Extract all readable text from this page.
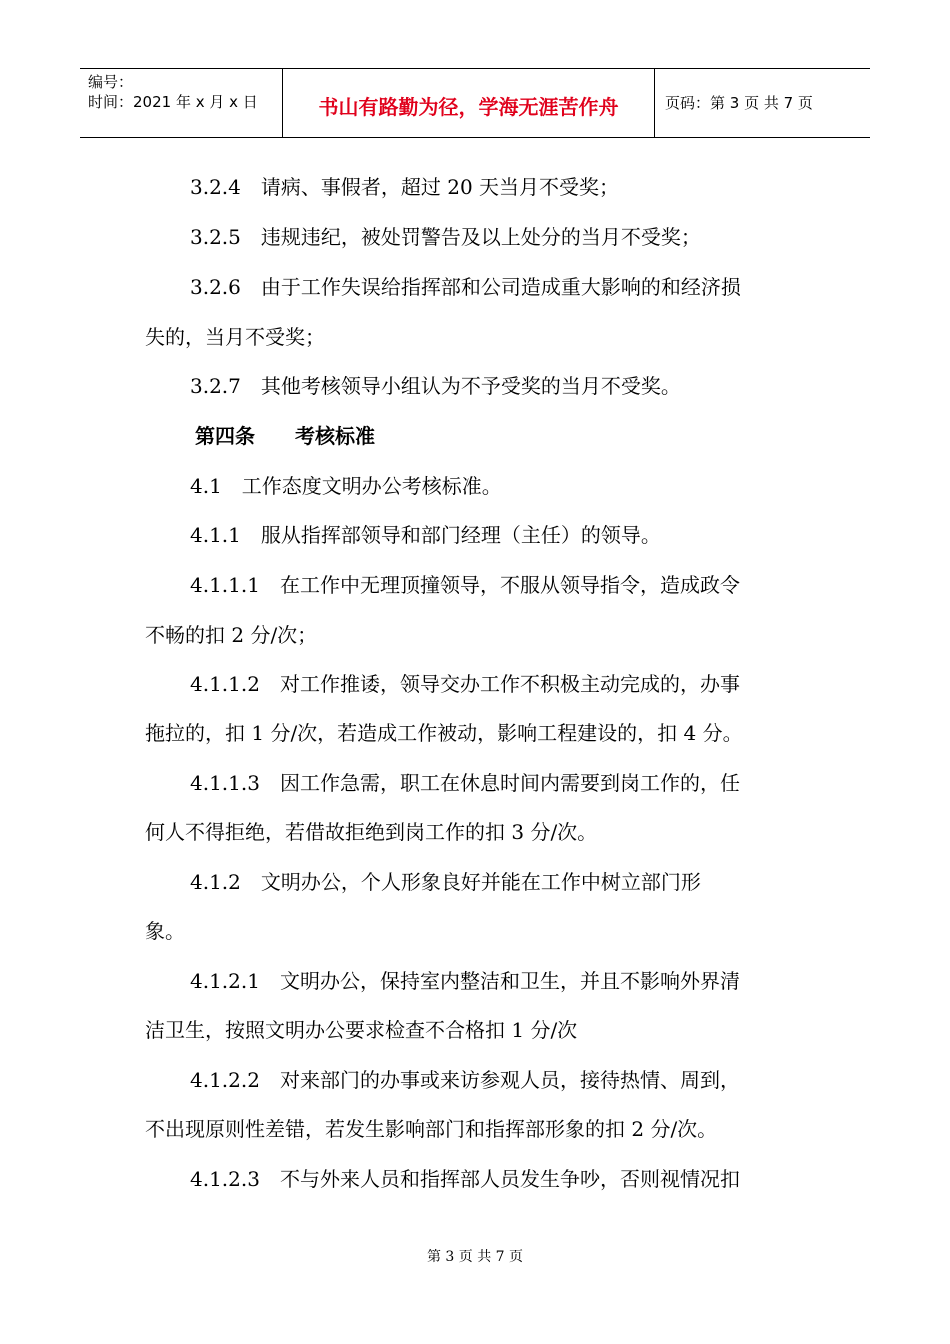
编号：
时间：2021 年 x 月 x 日	书山有路勤为径，学海无涯苦作舟	页码：第 3 页 共 7 页
3.2.4　请病、事假者，超过 20 天当月不受奖；
3.2.5　违规违纪，被处罚警告及以上处分的当月不受奖；
3.2.6　由于工作失误给指挥部和公司造成重大影响的和经济损
失的，当月不受奖；
3.2.7　其他考核领导小组认为不予受奖的当月不受奖。
第四条　　考核标准
4.1　工作态度文明办公考核标准。
4.1.1　服从指挥部领导和部门经理（主任）的领导。
4.1.1.1　在工作中无理顶撞领导，不服从领导指令，造成政令
不畅的扣 2 分/次；
4.1.1.2　对工作推诿，领导交办工作不积极主动完成的，办事
拖拉的，扣 1 分/次，若造成工作被动，影响工程建设的，扣 4 分。
4.1.1.3　因工作急需，职工在休息时间内需要到岗工作的，任
何人不得拒绝，若借故拒绝到岗工作的扣 3 分/次。
4.1.2　文明办公，个人形象良好并能在工作中树立部门形
象。
4.1.2.1　文明办公，保持室内整洁和卫生，并且不影响外界清
洁卫生，按照文明办公要求检查不合格扣 1 分/次
4.1.2.2　对来部门的办事或来访参观人员，接待热情、周到，
不出现原则性差错，若发生影响部门和指挥部形象的扣 2 分/次。
4.1.2.3　不与外来人员和指挥部人员发生争吵，否则视情况扣
第 3 页 共 7 页
